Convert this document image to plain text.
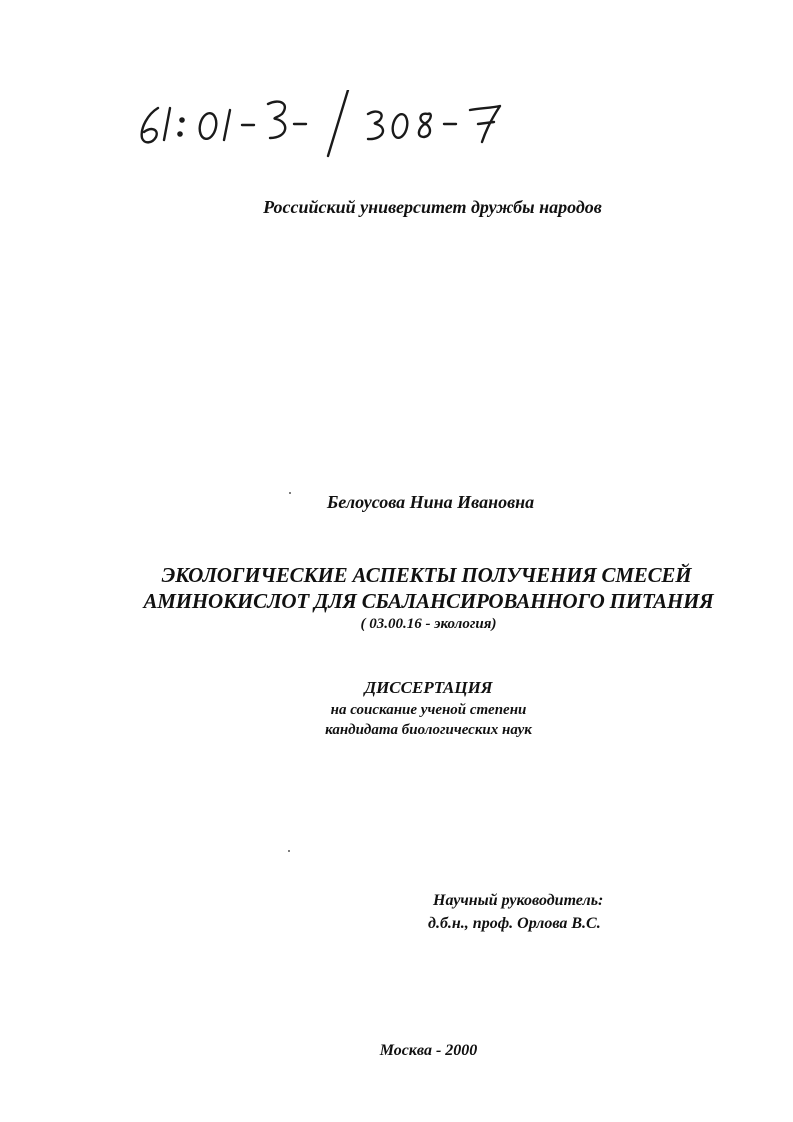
Российский университет дружбы народов
Белоусова Нина Ивановна
ЭКОЛОГИЧЕСКИЕ АСПЕКТЫ ПОЛУЧЕНИЯ СМЕСЕЙ
АМИНОКИСЛОТ ДЛЯ СБАЛАНСИРОВАННОГО ПИТАНИЯ
( 03.00.16 - экология)
ДИССЕРТАЦИЯ
на соискание ученой степени
кандидата биологических наук
Научный руководитель:
д.б.н., проф. Орлова В.С.
Москва - 2000
